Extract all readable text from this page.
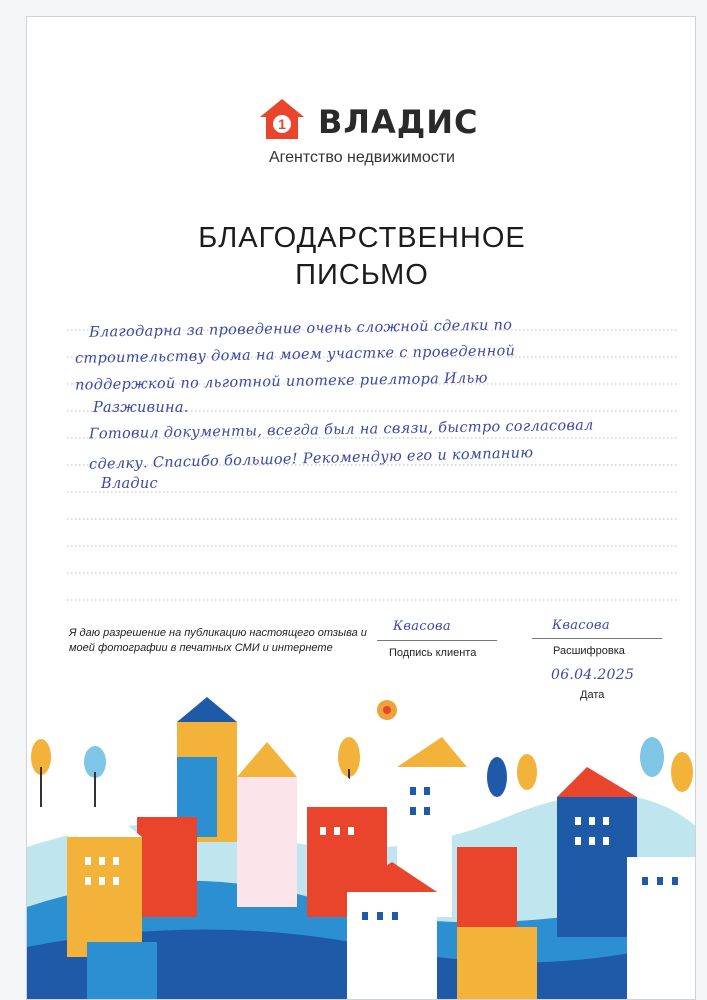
1 ВЛАДИС
Агентство недвижимости
БЛАГОДАРСТВЕННОЕ
ПИСЬМО
Благодарна за проведение очень сложной сделки по
строительству дома на моем участке с проведенной
поддержкой по льготной ипотеке риелтора Илью
Разживина.
Готовил документы, всегда был на связи, быстро согласовал
сделку. Спасибо большое! Рекомендую его и компанию
Владис
Я даю разрешение на публикацию настоящего отзыва и моей фотографии в печатных СМИ и интернете
Квасова
Подпись клиента
Квасова
Расшифровка
06.04.2025
Дата
